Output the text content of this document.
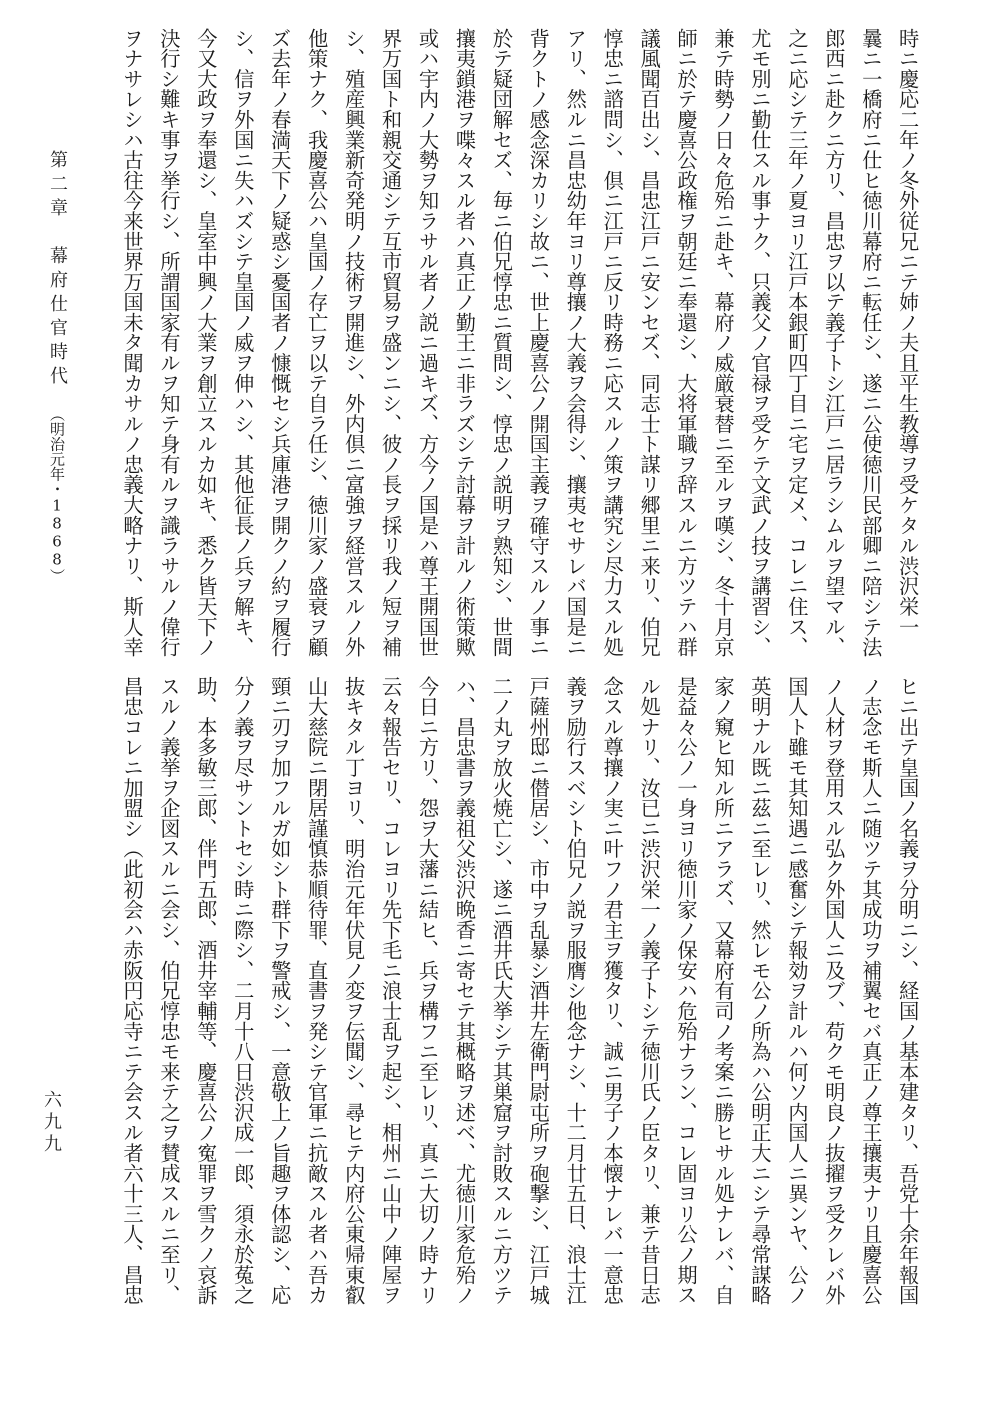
時ニ慶応二年ノ冬外従兄ニテ姉ノ夫且平生教導ヲ受ケタル渋沢栄一
曩ニ一橋府ニ仕ヒ徳川幕府ニ転任シ、遂ニ公使徳川民部卿ニ陪シテ法
郎西ニ赴クニ方リ、昌忠ヲ以テ義子トシ江戸ニ居ラシムルヲ望マル、
之ニ応シテ三年ノ夏ヨリ江戸本銀町四丁目ニ宅ヲ定メ、コレニ住ス、
尤モ別ニ勤仕スル事ナク、只義父ノ官禄ヲ受ケテ文武ノ技ヲ講習シ、
兼テ時勢ノ日々危殆ニ赴キ、幕府ノ威厳衰替ニ至ルヲ嘆シ、冬十月京
師ニ於テ慶喜公政権ヲ朝廷ニ奉還シ、大将軍職ヲ辞スルニ方ツテハ群
議風聞百出シ、昌忠江戸ニ安ンセズ、同志士ト謀リ郷里ニ来リ、伯兄
惇忠ニ諮問シ、倶ニ江戸ニ反リ時務ニ応スルノ策ヲ講究シ尽力スル処
アリ、然ルニ昌忠幼年ヨリ尊攘ノ大義ヲ会得シ、攘夷セサレバ国是ニ
背クトノ感念深カリシ故ニ、世上慶喜公ノ開国主義ヲ確守スルノ事ニ
於テ疑団解セズ、毎ニ伯兄惇忠ニ質問シ、惇忠ノ説明ヲ熟知シ、世間
攘夷鎖港ヲ喋々スル者ハ真正ノ勤王ニ非ラズシテ討幕ヲ計ルノ術策歟
或ハ宇内ノ大勢ヲ知ラサル者ノ説ニ過キズ、方今ノ国是ハ尊王開国世
界万国ト和親交通シテ互市貿易ヲ盛ンニシ、彼ノ長ヲ採リ我ノ短ヲ補
シ、殖産興業新奇発明ノ技術ヲ開進シ、外内倶ニ富強ヲ経営スルノ外
他策ナク、我慶喜公ハ皇国ノ存亡ヲ以テ自ラ任シ、徳川家ノ盛衰ヲ顧
ズ去年ノ春満天下ノ疑惑シ憂国者ノ慷慨セシ兵庫港ヲ開クノ約ヲ履行
シ、信ヲ外国ニ失ハズシテ皇国ノ威ヲ伸ハシ、其他征長ノ兵ヲ解キ、
今又大政ヲ奉還シ、皇室中興ノ大業ヲ創立スルカ如キ、悉ク皆天下ノ
決行シ難キ事ヲ挙行シ、所謂国家有ルヲ知テ身有ルヲ識ラサルノ偉行
ヲナサレシハ古往今来世界万国未タ聞カサルノ忠義大略ナリ、斯人幸
ヒニ出テ皇国ノ名義ヲ分明ニシ、経国ノ基本建タリ、吾党十余年報国
ノ志念モ斯人ニ随ツテ其成功ヲ補翼セバ真正ノ尊王攘夷ナリ且慶喜公
ノ人材ヲ登用スル弘ク外国人ニ及ブ、苟クモ明良ノ抜擢ヲ受クレバ外
国人ト雖モ其知遇ニ感奮シテ報効ヲ計ルハ何ソ内国人ニ異ンヤ、公ノ
英明ナル既ニ茲ニ至レリ、然レモ公ノ所為ハ公明正大ニシテ尋常謀略
家ノ窺ヒ知ル所ニアラズ、又幕府有司ノ考案ニ勝ヒサル処ナレバ、自
是益々公ノ一身ヨリ徳川家ノ保安ハ危殆ナラン、コレ固ヨリ公ノ期ス
ル処ナリ、汝已ニ渋沢栄一ノ義子トシテ徳川氏ノ臣タリ、兼テ昔日志
念スル尊攘ノ実ニ叶フノ君主ヲ獲タリ、誠ニ男子ノ本懐ナレバ一意忠
義ヲ励行スベシト伯兄ノ説ヲ服膺シ他念ナシ、十二月廿五日、浪士江
戸薩州邸ニ僣居シ、市中ヲ乱暴シ酒井左衛門尉屯所ヲ砲撃シ、江戸城
二ノ丸ヲ放火焼亡シ、遂ニ酒井氏大挙シテ其巣窟ヲ討敗スルニ方ツテ
ハ、昌忠書ヲ義祖父渋沢晩香ニ寄セテ其概略ヲ述ベ、尤徳川家危殆ノ
今日ニ方リ、怨ヲ大藩ニ結ヒ、兵ヲ構フニ至レリ、真ニ大切ノ時ナリ
云々報告セリ、コレヨリ先下毛ニ浪士乱ヲ起シ、相州ニ山中ノ陣屋ヲ
抜キタル丁ヨリ、明治元年伏見ノ変ヲ伝聞シ、尋ヒテ内府公東帰東叡
山大慈院ニ閉居謹慎恭順待罪、直書ヲ発シテ官軍ニ抗敵スル者ハ吾カ
頸ニ刃ヲ加フルガ如シト群下ヲ警戒シ、一意敬上ノ旨趣ヲ体認シ、応
分ノ義ヲ尽サントセシ時ニ際シ、二月十八日渋沢成一郎、須永於菟之
助、本多敏三郎、伴門五郎、酒井宰輔等、慶喜公ノ寃罪ヲ雪クノ哀訴
スルノ義挙ヲ企図スルニ会シ、伯兄惇忠モ来テ之ヲ賛成スルニ至リ、
昌忠コレニ加盟シ（此初会ハ赤阪円応寺ニテ会スル者六十三人、昌忠
第二章　幕府仕官時代　（明治元年・1868）
六九九
